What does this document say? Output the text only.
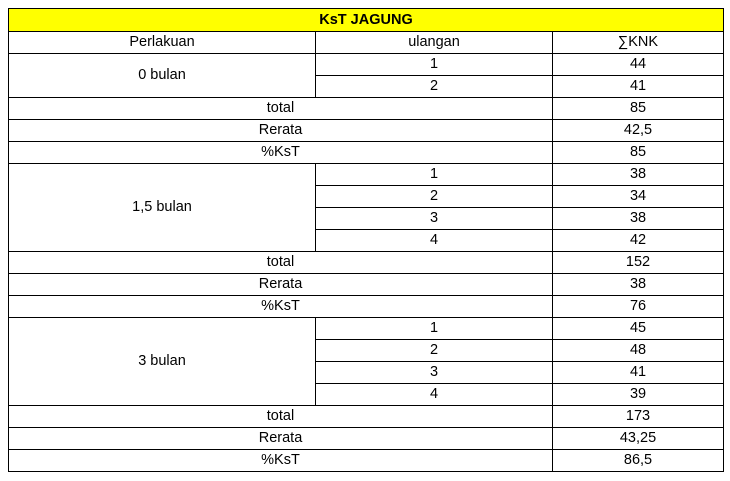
KsT JAGUNG		
Perlakuan	ulangan	∑KNK
0 bulan	1	44
	2	41
total		85
Rerata		42,5
%KsT		85
1,5 bulan	1	38
	2	34
	3	38
	4	42
total		152
Rerata		38
%KsT		76
3 bulan	1	45
	2	48
	3	41
	4	39
total		173
Rerata		43,25
%KsT		86,5
